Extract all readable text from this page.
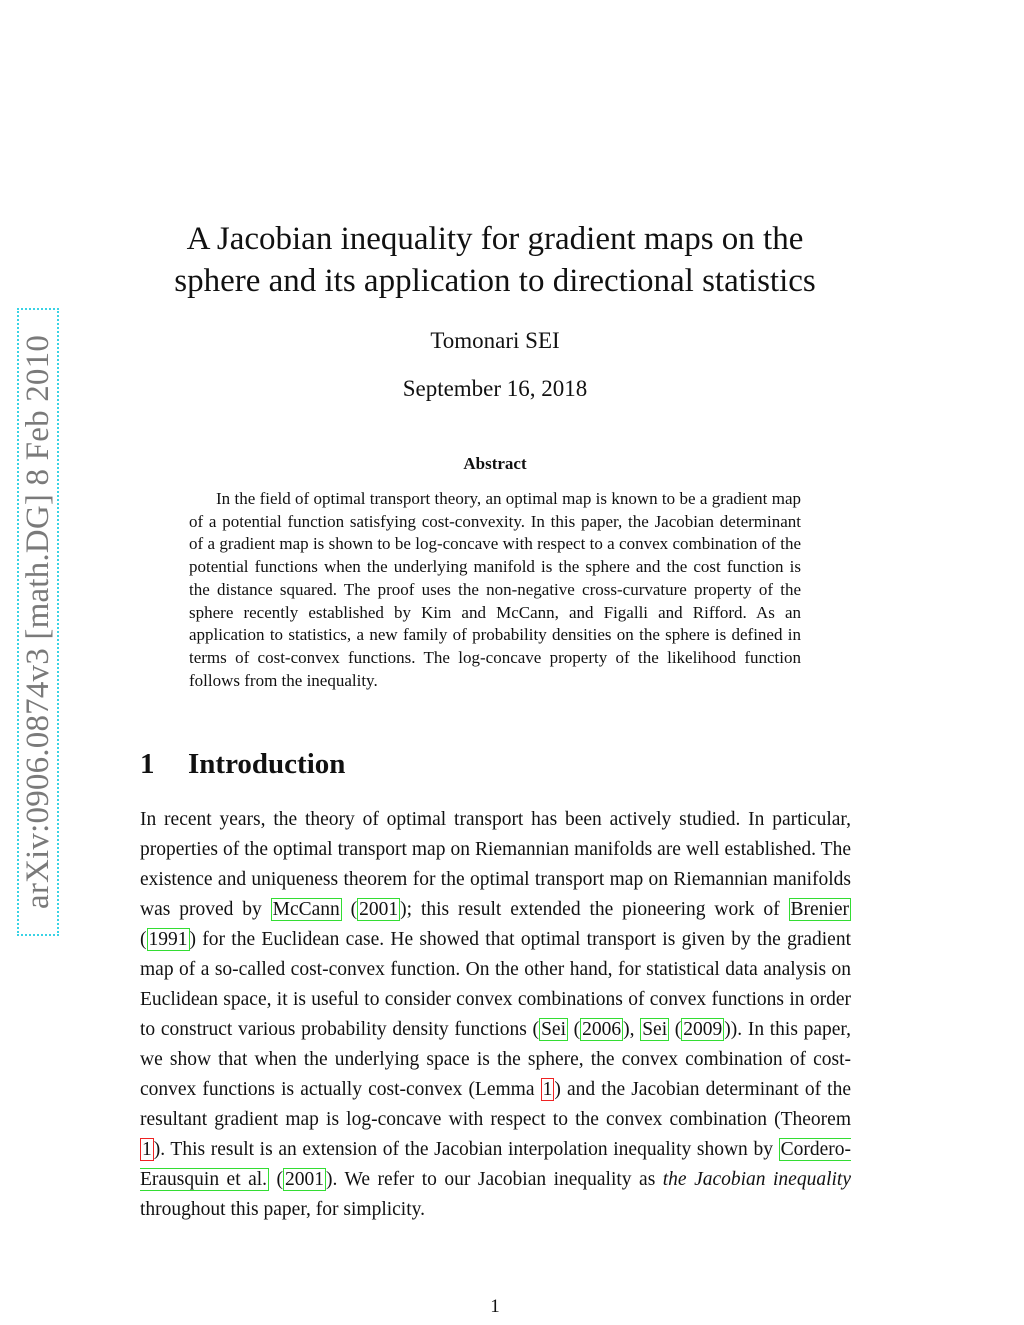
arXiv:0906.0874v3 [math.DG] 8 Feb 2010
A Jacobian inequality for gradient maps on the
sphere and its application to directional statistics
Tomonari SEI
September 16, 2018
Abstract

In the field of optimal transport theory, an optimal map is known to be a gradient map of a potential function satisfying cost-convexity. In this paper, the Jacobian determinant of a gradient map is shown to be log-concave with respect to a convex combination of the potential functions when the underlying manifold is the sphere and the cost function is the distance squared. The proof uses the non-negative cross-curvature property of the sphere recently established by Kim and McCann, and Figalli and Rifford. As an application to statistics, a new family of probability densities on the sphere is defined in terms of cost-convex functions. The log-concave property of the likelihood function follows from the inequality.

1 Introduction

In recent years, the theory of optimal transport has been actively studied. In particular, properties of the optimal transport map on Riemannian manifolds are well established. The existence and uniqueness theorem for the optimal transport map on Riemannian manifolds was proved by McCann ( 2001 ); this result extended the pioneering work of Brenier ( 1991 ) for the Euclidean case. He showed that optimal transport is given by the gradient map of a so-called cost-convex function. On the other hand, for statistical data analysis on Euclidean space, it is useful to consider convex combinations of convex functions in order to construct various probability density functions ( Sei ( 2006 ), Sei ( 2009 )). In this paper, we show that when the underlying space is the sphere, the convex combination of cost-convex functions is actually cost-convex (Lemma 1 ) and the Jacobian determinant of the resultant gradient map is log-concave with respect to the convex combination (Theorem 1 ). This result is an extension of the Jacobian interpolation inequality shown by Cordero-Erausquin et al. ( 2001 ). We refer to our Jacobian inequality as the Jacobian inequality throughout this paper, for simplicity.

1
